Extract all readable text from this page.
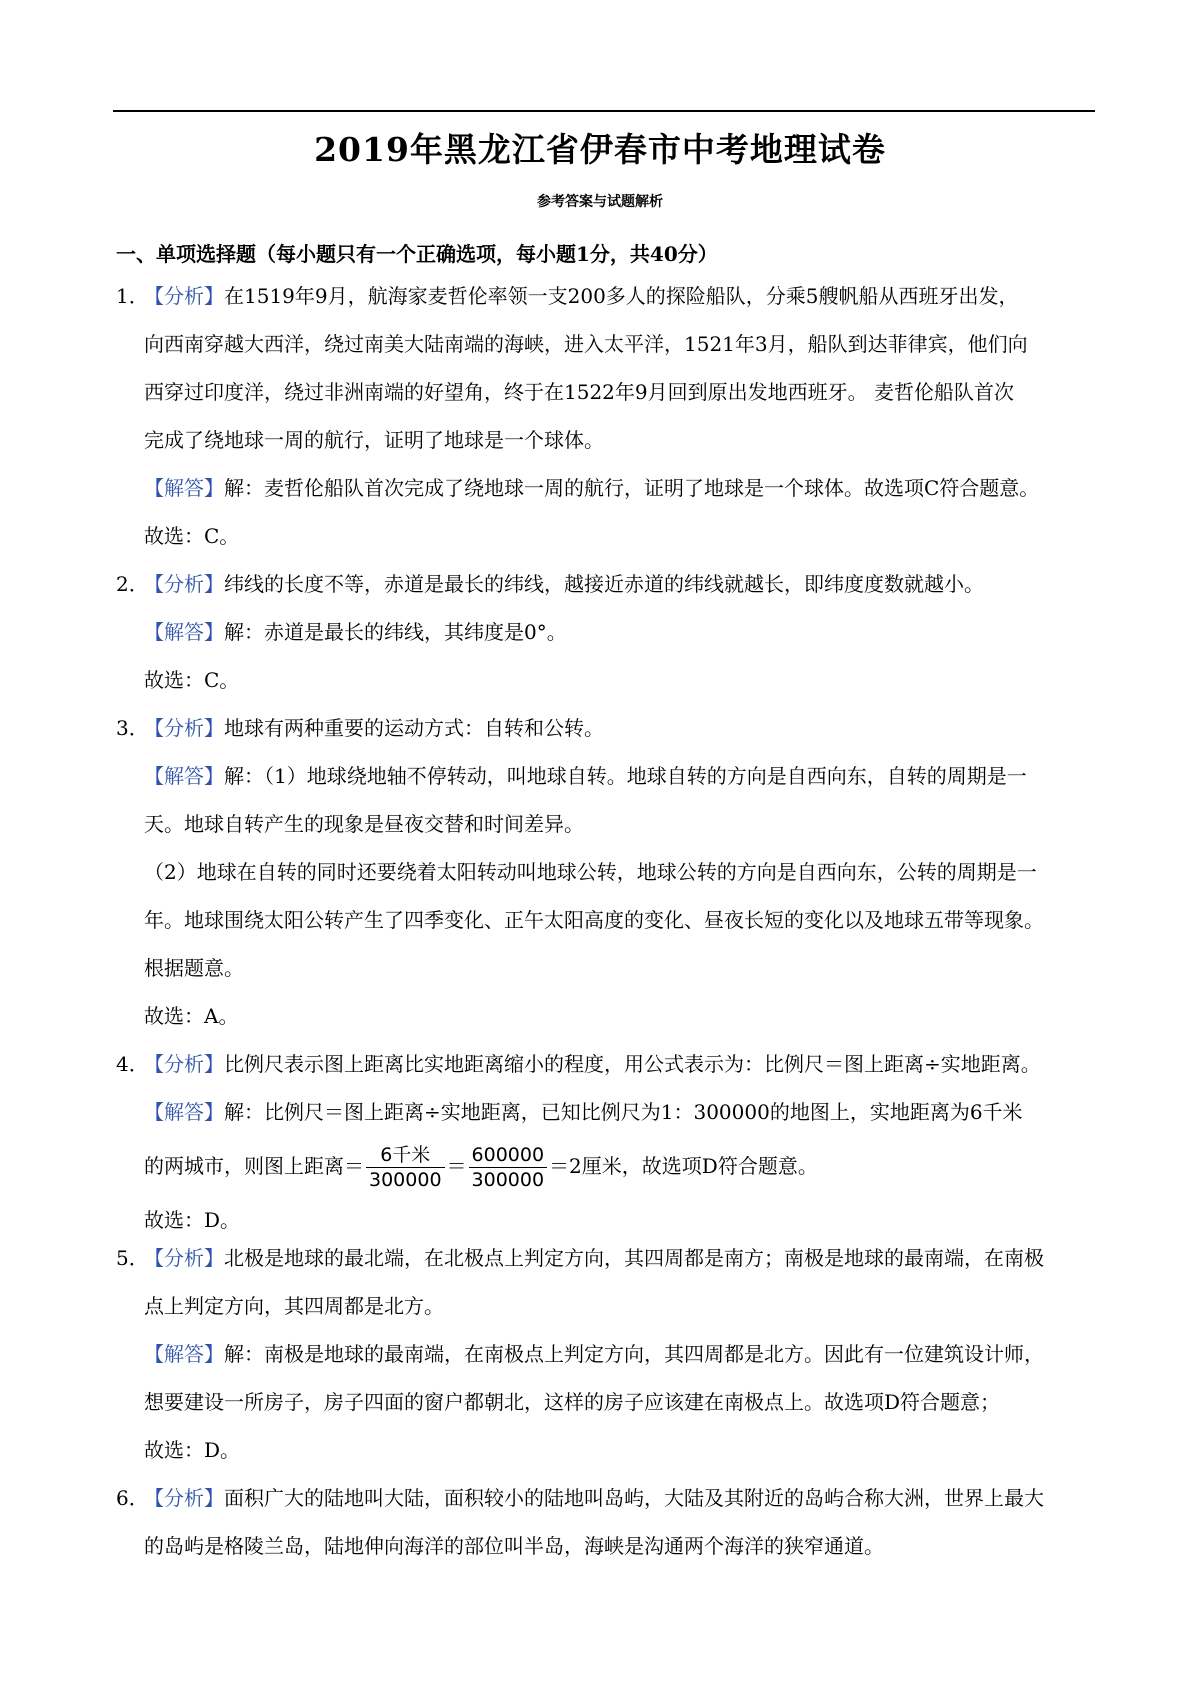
2019年黑龙江省伊春市中考地理试卷
参考答案与试题解析
一、单项选择题（每小题只有一个正确选项，每小题1分，共40分）
1．【分析】在1519年9月，航海家麦哲伦率领一支200多人的探险船队，分乘5艘帆船从西班牙出发，
向西南穿越大西洋，绕过南美大陆南端的海峡，进入太平洋，1521年3月，船队到达菲律宾，他们向
西穿过印度洋，绕过非洲南端的好望角，终于在1522年9月回到原出发地西班牙。 麦哲伦船队首次
完成了绕地球一周的航行，证明了地球是一个球体。
【解答】解：麦哲伦船队首次完成了绕地球一周的航行，证明了地球是一个球体。故选项C符合题意。
故选：C。
2．【分析】纬线的长度不等，赤道是最长的纬线，越接近赤道的纬线就越长，即纬度度数就越小。
【解答】解：赤道是最长的纬线，其纬度是0°。
故选：C。
3．【分析】地球有两种重要的运动方式：自转和公转。
【解答】解：（1）地球绕地轴不停转动，叫地球自转。地球自转的方向是自西向东，自转的周期是一
天。地球自转产生的现象是昼夜交替和时间差异。
（2）地球在自转的同时还要绕着太阳转动叫地球公转，地球公转的方向是自西向东，公转的周期是一
年。地球围绕太阳公转产生了四季变化、正午太阳高度的变化、昼夜长短的变化以及地球五带等现象。
根据题意。
故选：A。
4．【分析】比例尺表示图上距离比实地距离缩小的程度，用公式表示为：比例尺＝图上距离÷实地距离。
【解答】解：比例尺＝图上距离÷实地距离，已知比例尺为1：300000的地图上，实地距离为6千米
的两城市，则图上距离＝ $\frac{\text{6千米}}{300000} = \frac{600000}{300000} =2$厘米，故选项D符合题意。
故选：D。
5．【分析】北极是地球的最北端，在北极点上判定方向，其四周都是南方；南极是地球的最南端，在南极
点上判定方向，其四周都是北方。
【解答】解：南极是地球的最南端，在南极点上判定方向，其四周都是北方。因此有一位建筑设计师，
想要建设一所房子，房子四面的窗户都朝北，这样的房子应该建在南极点上。故选项D符合题意；
故选：D。
6．【分析】面积广大的陆地叫大陆，面积较小的陆地叫岛屿，大陆及其附近的岛屿合称大洲，世界上最大
的岛屿是格陵兰岛，陆地伸向海洋的部位叫半岛，海峡是沟通两个海洋的狭窄通道。
